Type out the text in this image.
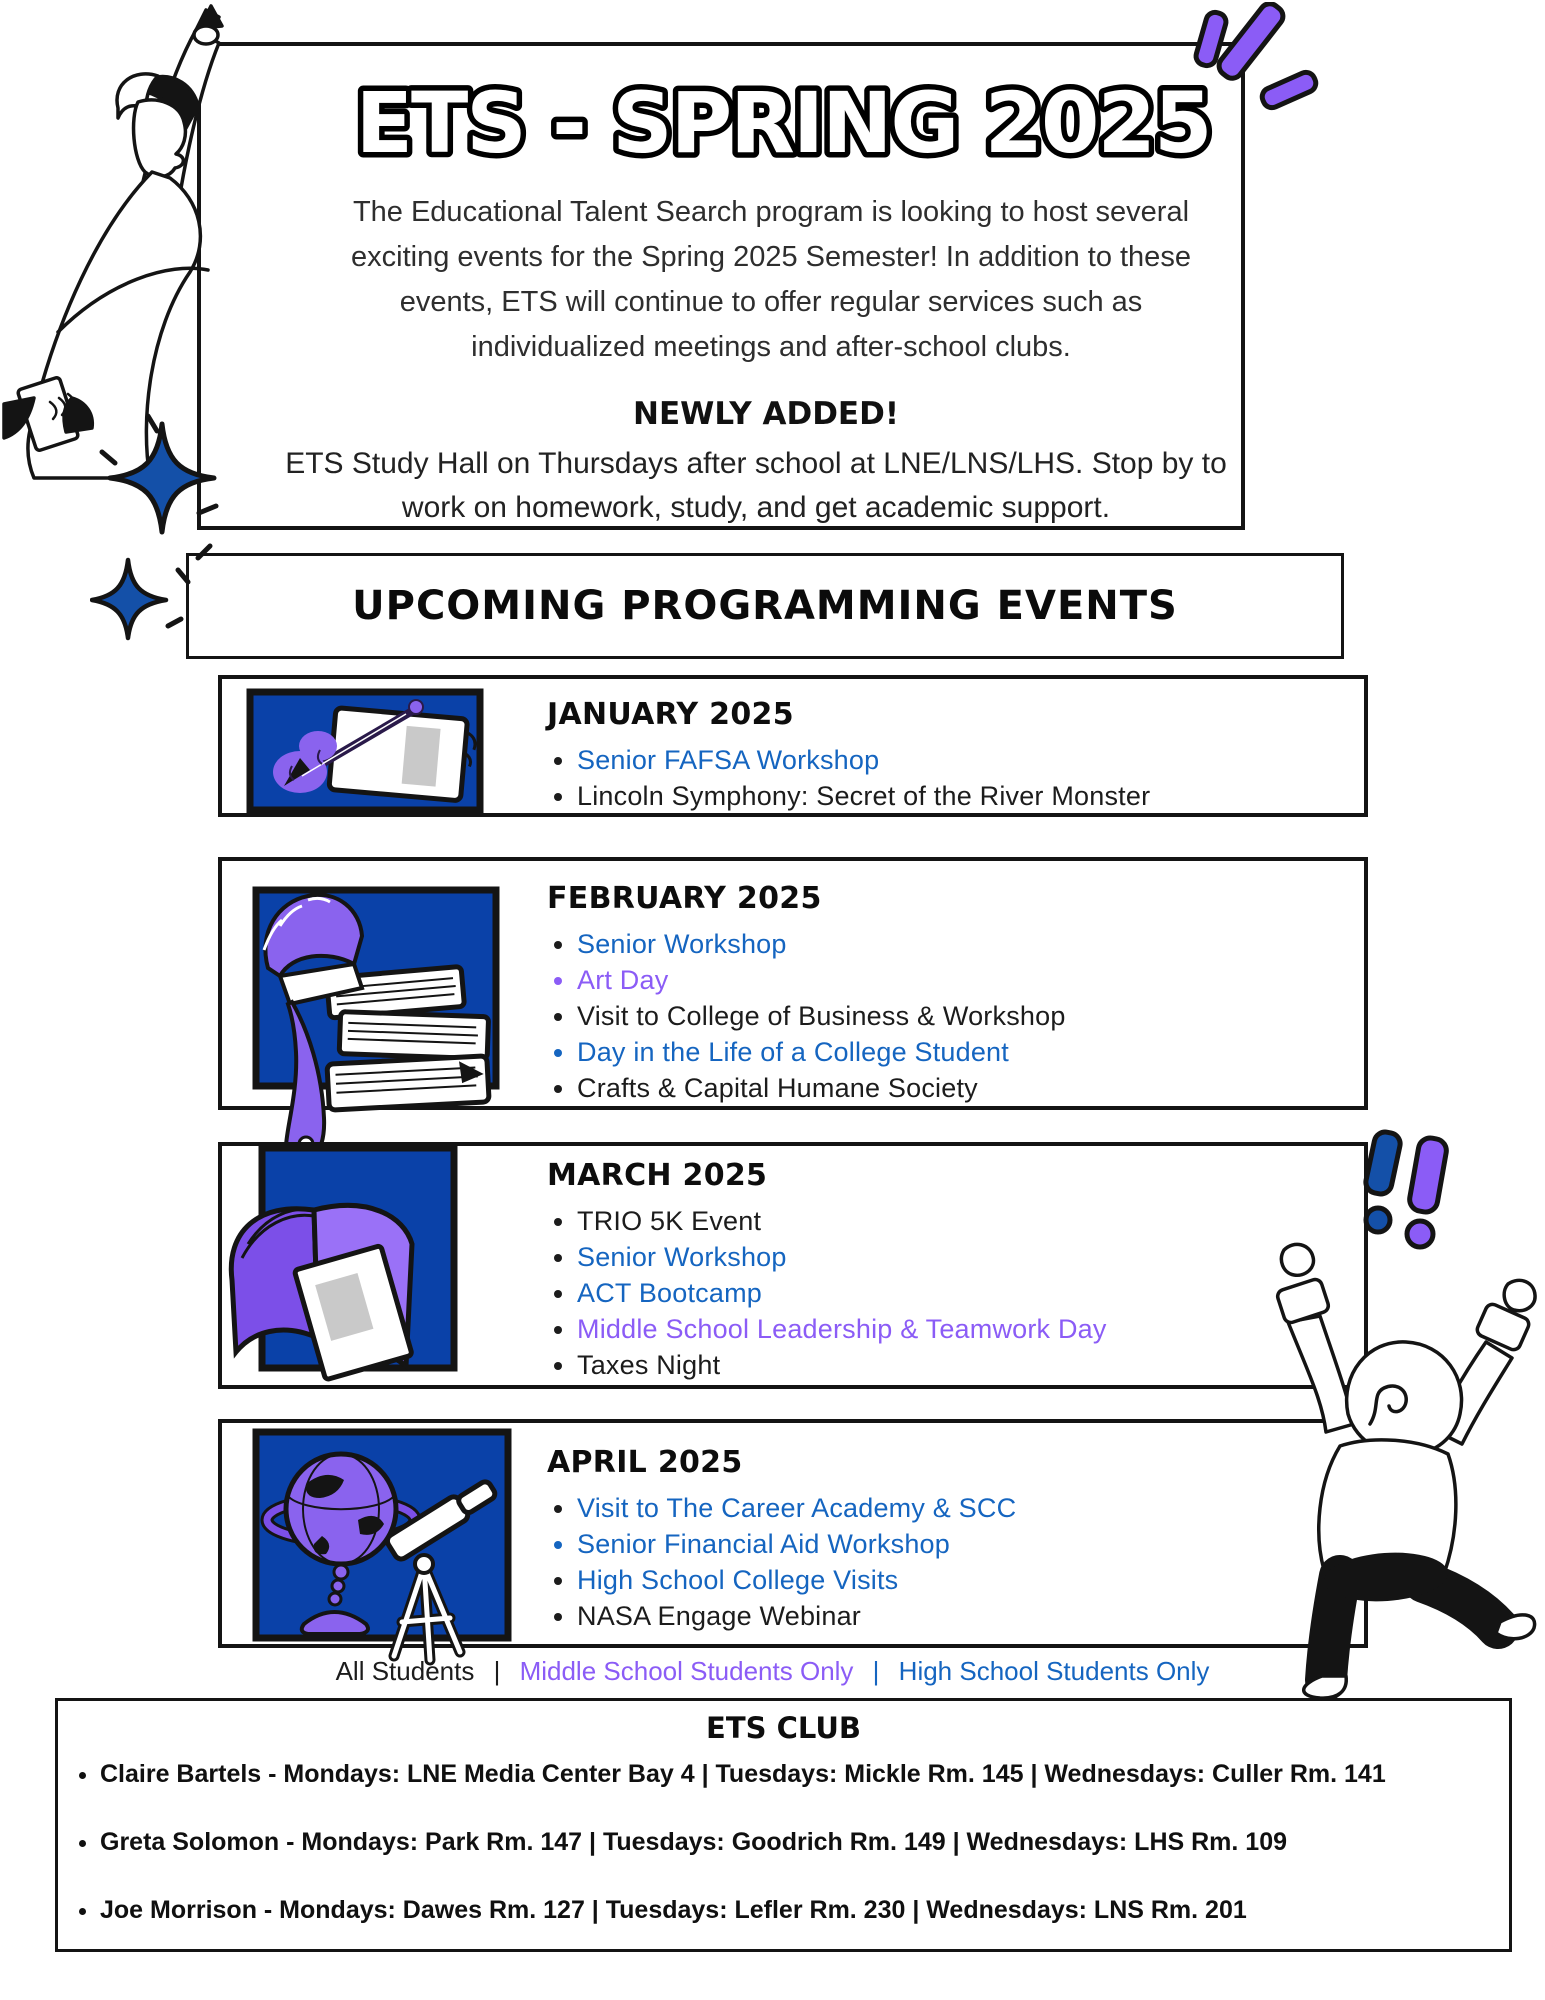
ETS - SPRING 2025

The Educational Talent Search program is looking to host several exciting events for the Spring 2025 Semester! In addition to these events, ETS will continue to offer regular services such as individualized meetings and after-school clubs.

NEWLY ADDED!

ETS Study Hall on Thursdays after school at LNE/LNS/LHS. Stop by to work on homework, study, and get academic support.

UPCOMING PROGRAMMING EVENTS
JANUARY 2025
• Senior FAFSA Workshop
• Lincoln Symphony: Secret of the River Monster
FEBRUARY 2025
• Senior Workshop
• Art Day
• Visit to College of Business & Workshop
• Day in the Life of a College Student
• Crafts & Capital Humane Society
MARCH 2025
• TRIO 5K Event
• Senior Workshop
• ACT Bootcamp
• Middle School Leadership & Teamwork Day
• Taxes Night
APRIL 2025
• Visit to The Career Academy & SCC
• Senior Financial Aid Workshop
• High School College Visits
• NASA Engage Webinar
All Students | Middle School Students Only | High School Students Only
ETS CLUB
• Claire Bartels - Mondays: LNE Media Center Bay 4 | Tuesdays: Mickle Rm. 145 | Wednesdays: Culler Rm. 141
• Greta Solomon - Mondays: Park Rm. 147 | Tuesdays: Goodrich Rm. 149 | Wednesdays: LHS Rm. 109
• Joe Morrison - Mondays: Dawes Rm. 127 | Tuesdays: Lefler Rm. 230 | Wednesdays: LNS Rm. 201
